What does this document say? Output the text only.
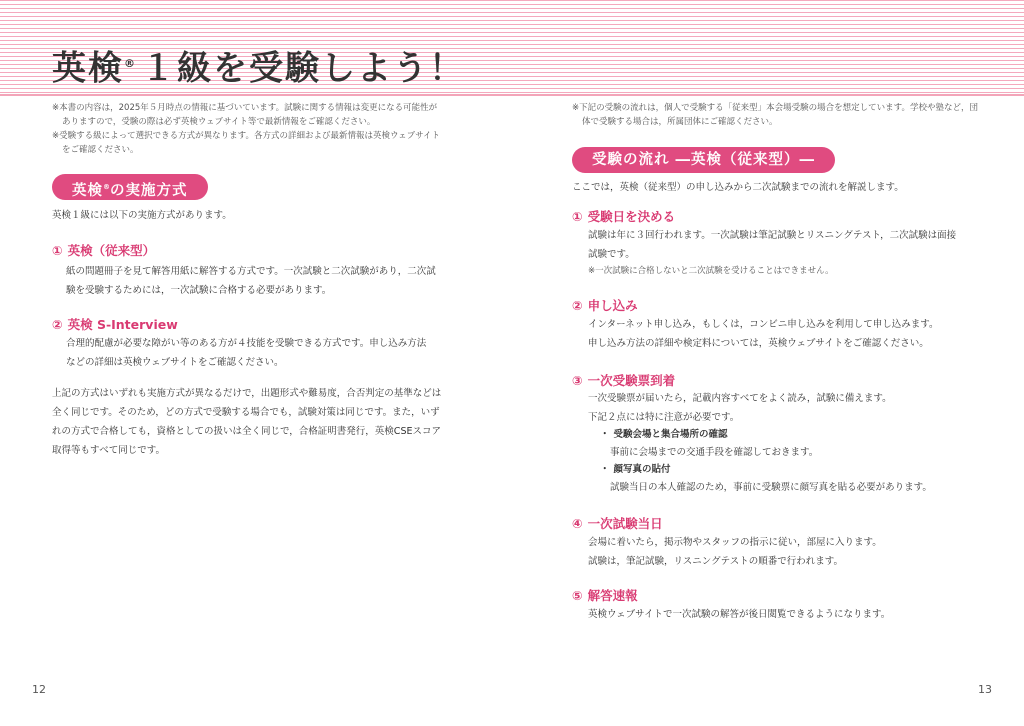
英検® １級を受験しよう！
※本書の内容は，2025年５月時点の情報に基づいています。試験に関する情報は変更になる可能性が
ありますので，受験の際は必ず英検ウェブサイト等で最新情報をご確認ください。
※受験する級によって選択できる方式が異なります。各方式の詳細および最新情報は英検ウェブサイト
をご確認ください。
英検®の実施方式

英検１級には以下の実施方式があります。

① 英検（従来型）

紙の問題冊子を見て解答用紙に解答する方式です。一次試験と二次試験があり，二次試
験を受験するためには，一次試験に合格する必要があります。

② 英検 S-Interview

合理的配慮が必要な障がい等のある方が４技能を受験できる方式です。申し込み方法
などの詳細は英検ウェブサイトをご確認ください。

上記の方式はいずれも実施方式が異なるだけで，出題形式や難易度，合否判定の基準などは
全く同じです。そのため，どの方式で受験する場合でも，試験対策は同じです。また，いず
れの方式で合格しても，資格としての扱いは全く同じで，合格証明書発行，英検CSEスコア
取得等もすべて同じです。

12

※下記の受験の流れは，個人で受験する「従来型」本会場受験の場合を想定しています。学校や塾など，団
体で受験する場合は，所属団体にご確認ください。
受験の流れ ―英検（従来型）―

ここでは，英検（従来型）の申し込みから二次試験までの流れを解説します。

① 受験日を決める

試験は年に３回行われます。一次試験は筆記試験とリスニングテスト，二次試験は面接
試験です。

※一次試験に合格しないと二次試験を受けることはできません。

② 申し込み

インターネット申し込み，もしくは，コンビニ申し込みを利用して申し込みます。
申し込み方法の詳細や検定料については，英検ウェブサイトをご確認ください。

③ 一次受験票到着

一次受験票が届いたら，記載内容すべてをよく読み，試験に備えます。
下記２点には特に注意が必要です。

・ 受験会場と集合場所の確認

事前に会場までの交通手段を確認しておきます。

・ 顔写真の貼付

試験当日の本人確認のため，事前に受験票に顔写真を貼る必要があります。

④ 一次試験当日

会場に着いたら，掲示物やスタッフの指示に従い，部屋に入ります。
試験は，筆記試験，リスニングテストの順番で行われます。

⑤ 解答速報

英検ウェブサイトで一次試験の解答が後日閲覧できるようになります。

13
